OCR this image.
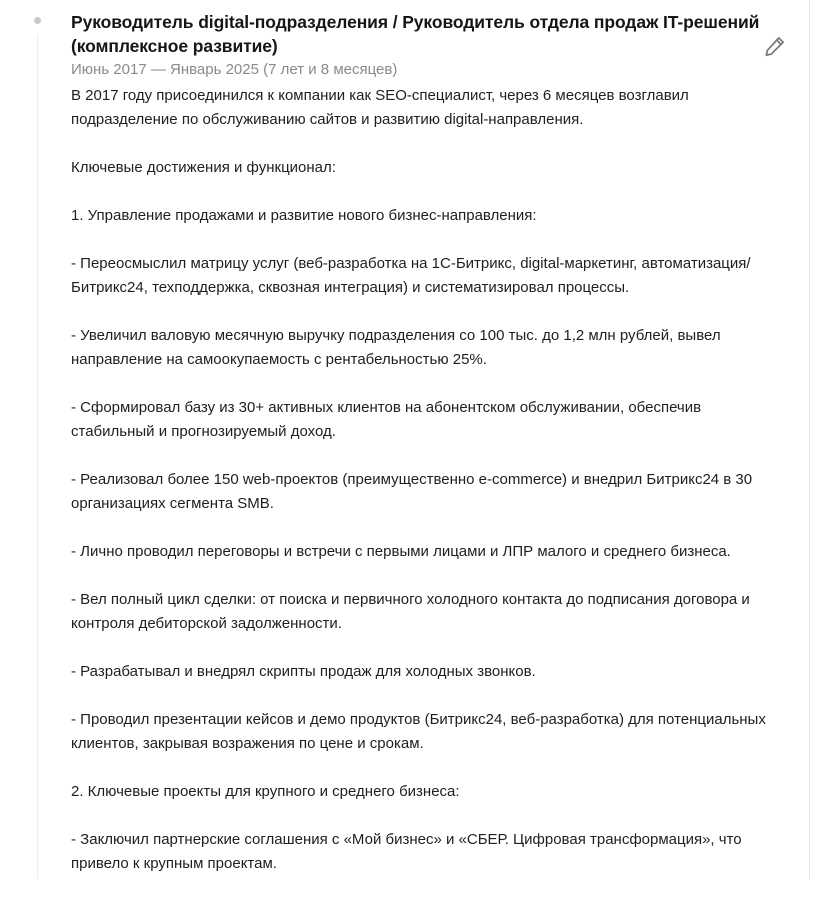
Руководитель digital-подразделения / Руководитель отдела продаж IT-решений (комплексное развитие)
Июнь 2017 — Январь 2025 (7 лет и 8 месяцев)

В 2017 году присоединился к компании как SEO-специалист, через 6 месяцев возглавил подразделение по обслуживанию сайтов и развитию digital-направления.

Ключевые достижения и функционал:

1. Управление продажами и развитие нового бизнес-направления:

- Переосмыслил матрицу услуг (веб-разработка на 1С-Битрикс, digital-маркетинг, автоматизация/Битрикс24, техподдержка, сквозная интеграция) и систематизировал процессы.

- Увеличил валовую месячную выручку подразделения со 100 тыс. до 1,2 млн рублей, вывел направление на самоокупаемость с рентабельностью 25%.

- Сформировал базу из 30+ активных клиентов на абонентском обслуживании, обеспечив стабильный и прогнозируемый доход.

- Реализовал более 150 web-проектов (преимущественно e-commerce) и внедрил Битрикс24 в 30 организациях сегмента SMB.

- Лично проводил переговоры и встречи с первыми лицами и ЛПР малого и среднего бизнеса.

- Вел полный цикл сделки: от поиска и первичного холодного контакта до подписания договора и контроля дебиторской задолженности.

- Разрабатывал и внедрял скрипты продаж для холодных звонков.

- Проводил презентации кейсов и демо продуктов (Битрикс24, веб-разработка) для потенциальных клиентов, закрывая возражения по цене и срокам.

2. Ключевые проекты для крупного и среднего бизнеса:

- Заключил партнерские соглашения с «Мой бизнес» и «СБЕР. Цифровая трансформация», что привело к крупным проектам.
